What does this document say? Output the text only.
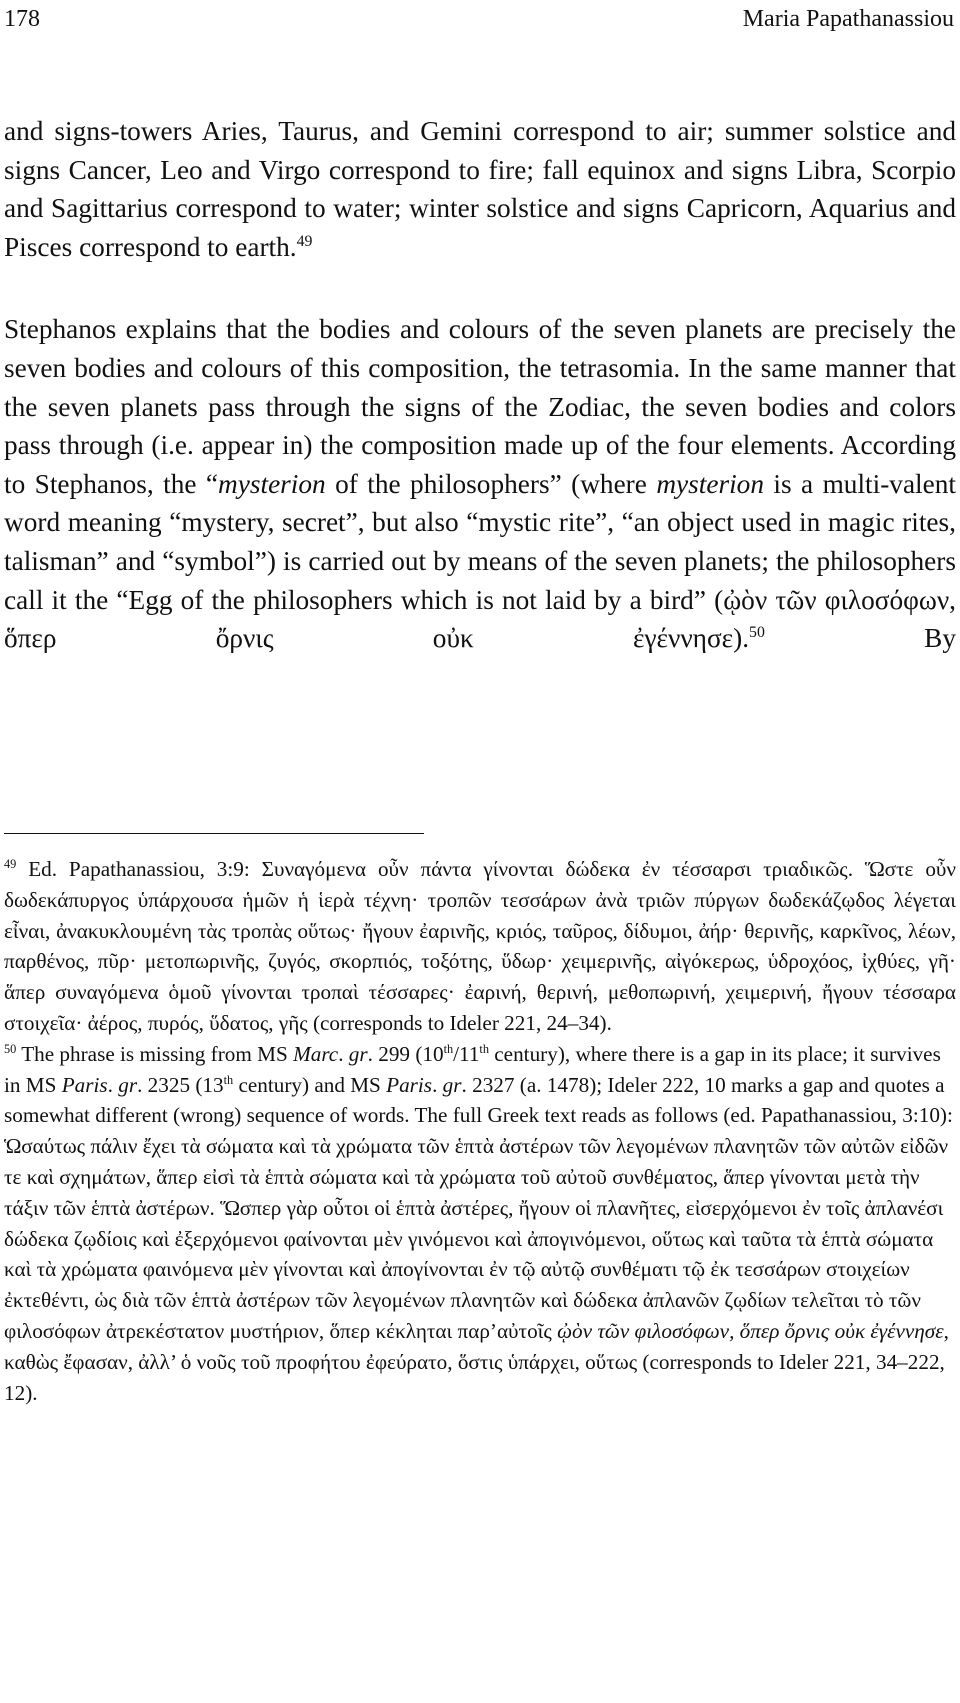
178	Maria Papathanassiou

and signs-towers Aries, Taurus, and Gemini correspond to air; summer solstice and signs Cancer, Leo and Virgo correspond to fire; fall equinox and signs Libra, Scorpio and Sagittarius correspond to water; winter solstice and signs Capricorn, Aquarius and Pisces correspond to earth.$^{49}$

Stephanos explains that the bodies and colours of the seven planets are precisely the seven bodies and colours of this composition, the tetrasomia. In the same manner that the seven planets pass through the signs of the Zodiac, the seven bodies and colors pass through (i.e. appear in) the composition made up of the four elements. According to Stephanos, the “mysterion of the philosophers” (where mysterion is a multi-valent word meaning “mystery, secret”, but also “mystic rite”, “an object used in magic rites, talisman” and “symbol”) is carried out by means of the seven planets; the philosophers call it the “Egg of the philosophers which is not laid by a bird” (ᾠὸν τῶν φιλοσόφων, ὅπερ ὄρνις οὐκ ἐγέννησε).$^{50}$ By

$^{49}$ Ed. Papathanassiou, 3:9: Συναγόμενα οὖν πάντα γίνονται δώδεκα ἐν τέσσαρσι τριαδικῶς. Ὥστε οὖν δωδεκάπυργος ὑπάρχουσα ἡμῶν ἡ ἱερὰ τέχνη· τροπῶν τεσσάρων ἀνὰ τριῶν πύργων δωδεκάζῳδος λέγεται εἶναι, ἀνακυκλουμένη τὰς τροπὰς οὕτως· ἤγουν ἐαρινῆς, κριός, ταῦρος, δίδυμοι, ἀήρ· θερινῆς, καρκῖνος, λέων, παρθένος, πῦρ· μετοπωρινῆς, ζυγός, σκορπιός, τοξότης, ὕδωρ· χειμερινῆς, αἰγόκερως, ὑδροχόος, ἰχθύες, γῆ· ἅπερ συναγόμενα ὁμοῦ γίνονται τροπαὶ τέσσαρες· ἐαρινή, θερινή, μεθοπωρινή, χειμερινή, ἤγουν τέσσαρα στοιχεῖα· ἀέρος, πυρός, ὕδατος, γῆς (corresponds to Ideler 221, 24–34).

$^{50}$ The phrase is missing from MS Marc. gr. 299 (10th/11th century), where there is a gap in its place; it survives in MS Paris. gr. 2325 (13th century) and MS Paris. gr. 2327 (a. 1478); Ideler 222, 10 marks a gap and quotes a somewhat different (wrong) sequence of words. The full Greek text reads as follows (ed. Papathanassiou, 3:10): Ὡσαύτως πάλιν ἔχει τὰ σώματα καὶ τὰ χρώματα τῶν ἑπτὰ ἀστέρων τῶν λεγομένων πλανητῶν τῶν αὐτῶν εἰδῶν τε καὶ σχημάτων, ἅπερ εἰσὶ τὰ ἑπτὰ σώματα καὶ τὰ χρώματα τοῦ αὐτοῦ συνθέματος, ἅπερ γίνονται μετὰ τὴν τάξιν τῶν ἑπτὰ ἀστέρων. Ὥσπερ γὰρ οὗτοι οἱ ἑπτὰ ἀστέρες, ἤγουν οἱ πλανῆτες, εἰσερχόμενοι ἐν τοῖς ἀπλανέσι δώδεκα ζῳδίοις καὶ ἐξερχόμενοι φαίνονται μὲν γινόμενοι καὶ ἀπογινόμενοι, οὕτως καὶ ταῦτα τὰ ἑπτὰ σώματα καὶ τὰ χρώματα φαινόμενα μὲν γίνονται καὶ ἀπογίνονται ἐν τῷ αὐτῷ συνθέματι τῷ ἐκ τεσσάρων στοιχείων ἐκτεθέντι, ὡς διὰ τῶν ἑπτὰ ἀστέρων τῶν λεγομένων πλανητῶν καὶ δώδεκα ἀπλανῶν ζῳδίων τελεῖται τὸ τῶν φιλοσόφων ἀτρεκέστατον μυστήριον, ὅπερ κέκληται παρ’αὐτοῖς ᾠὸν τῶν φιλοσόφων, ὅπερ ὄρνις οὐκ ἐγέννησε, καθὼς ἔφασαν, ἀλλ’ ὁ νοῦς τοῦ προφήτου ἐφεύρατο, ὅστις ὑπάρχει, οὕτως (corresponds to Ideler 221, 34–222, 12).
